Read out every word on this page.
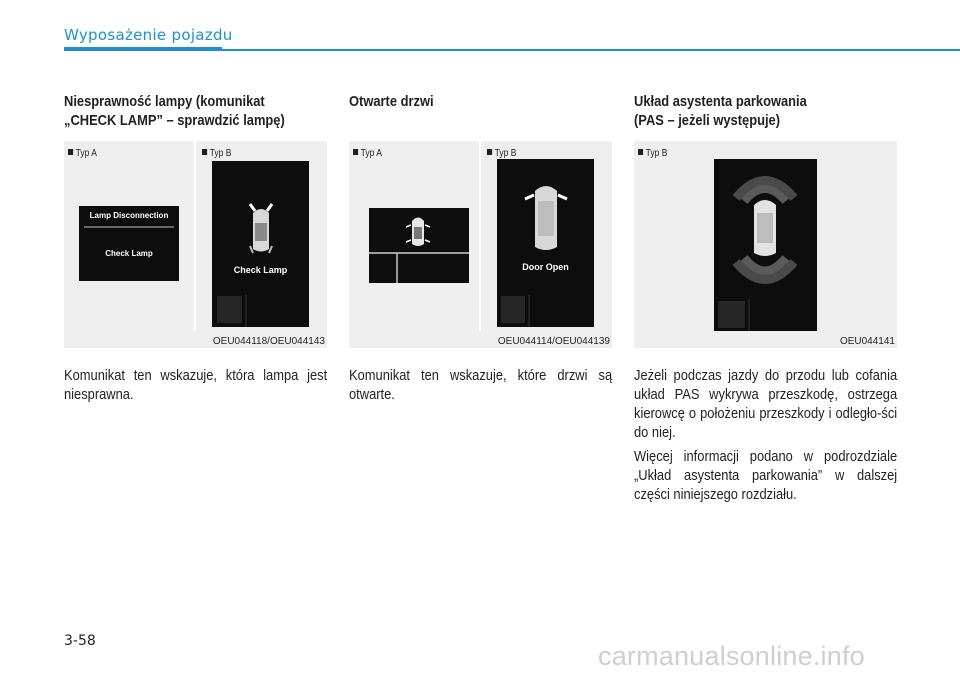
Wyposażenie pojazdu
Niesprawność lampy (komunikat
„CHECK LAMP” – sprawdzić lampę)
Typ A	Typ B
Lamp Disconnection
Check Lamp
Check Lamp
OEU044118/OEU044143

Komunikat ten wskazuje, która lampa jest niesprawna.

Otwarte drzwi

Typ A	Typ B
Door Open
OEU044114/OEU044139

Komunikat ten wskazuje, które drzwi są otwarte.

Układ asystenta parkowania
(PAS – jeżeli występuje)
Typ B
OEU044141

Jeżeli podczas jazdy do przodu lub cofania układ PAS wykrywa przeszkodę, ostrzega kierowcę o położeniu przeszkody i odległo-ści do niej.

Więcej informacji podano w podrozdziale „Układ asystenta parkowania” w dalszej części niniejszego rozdziału.

3-58	carmanualsonline.info
